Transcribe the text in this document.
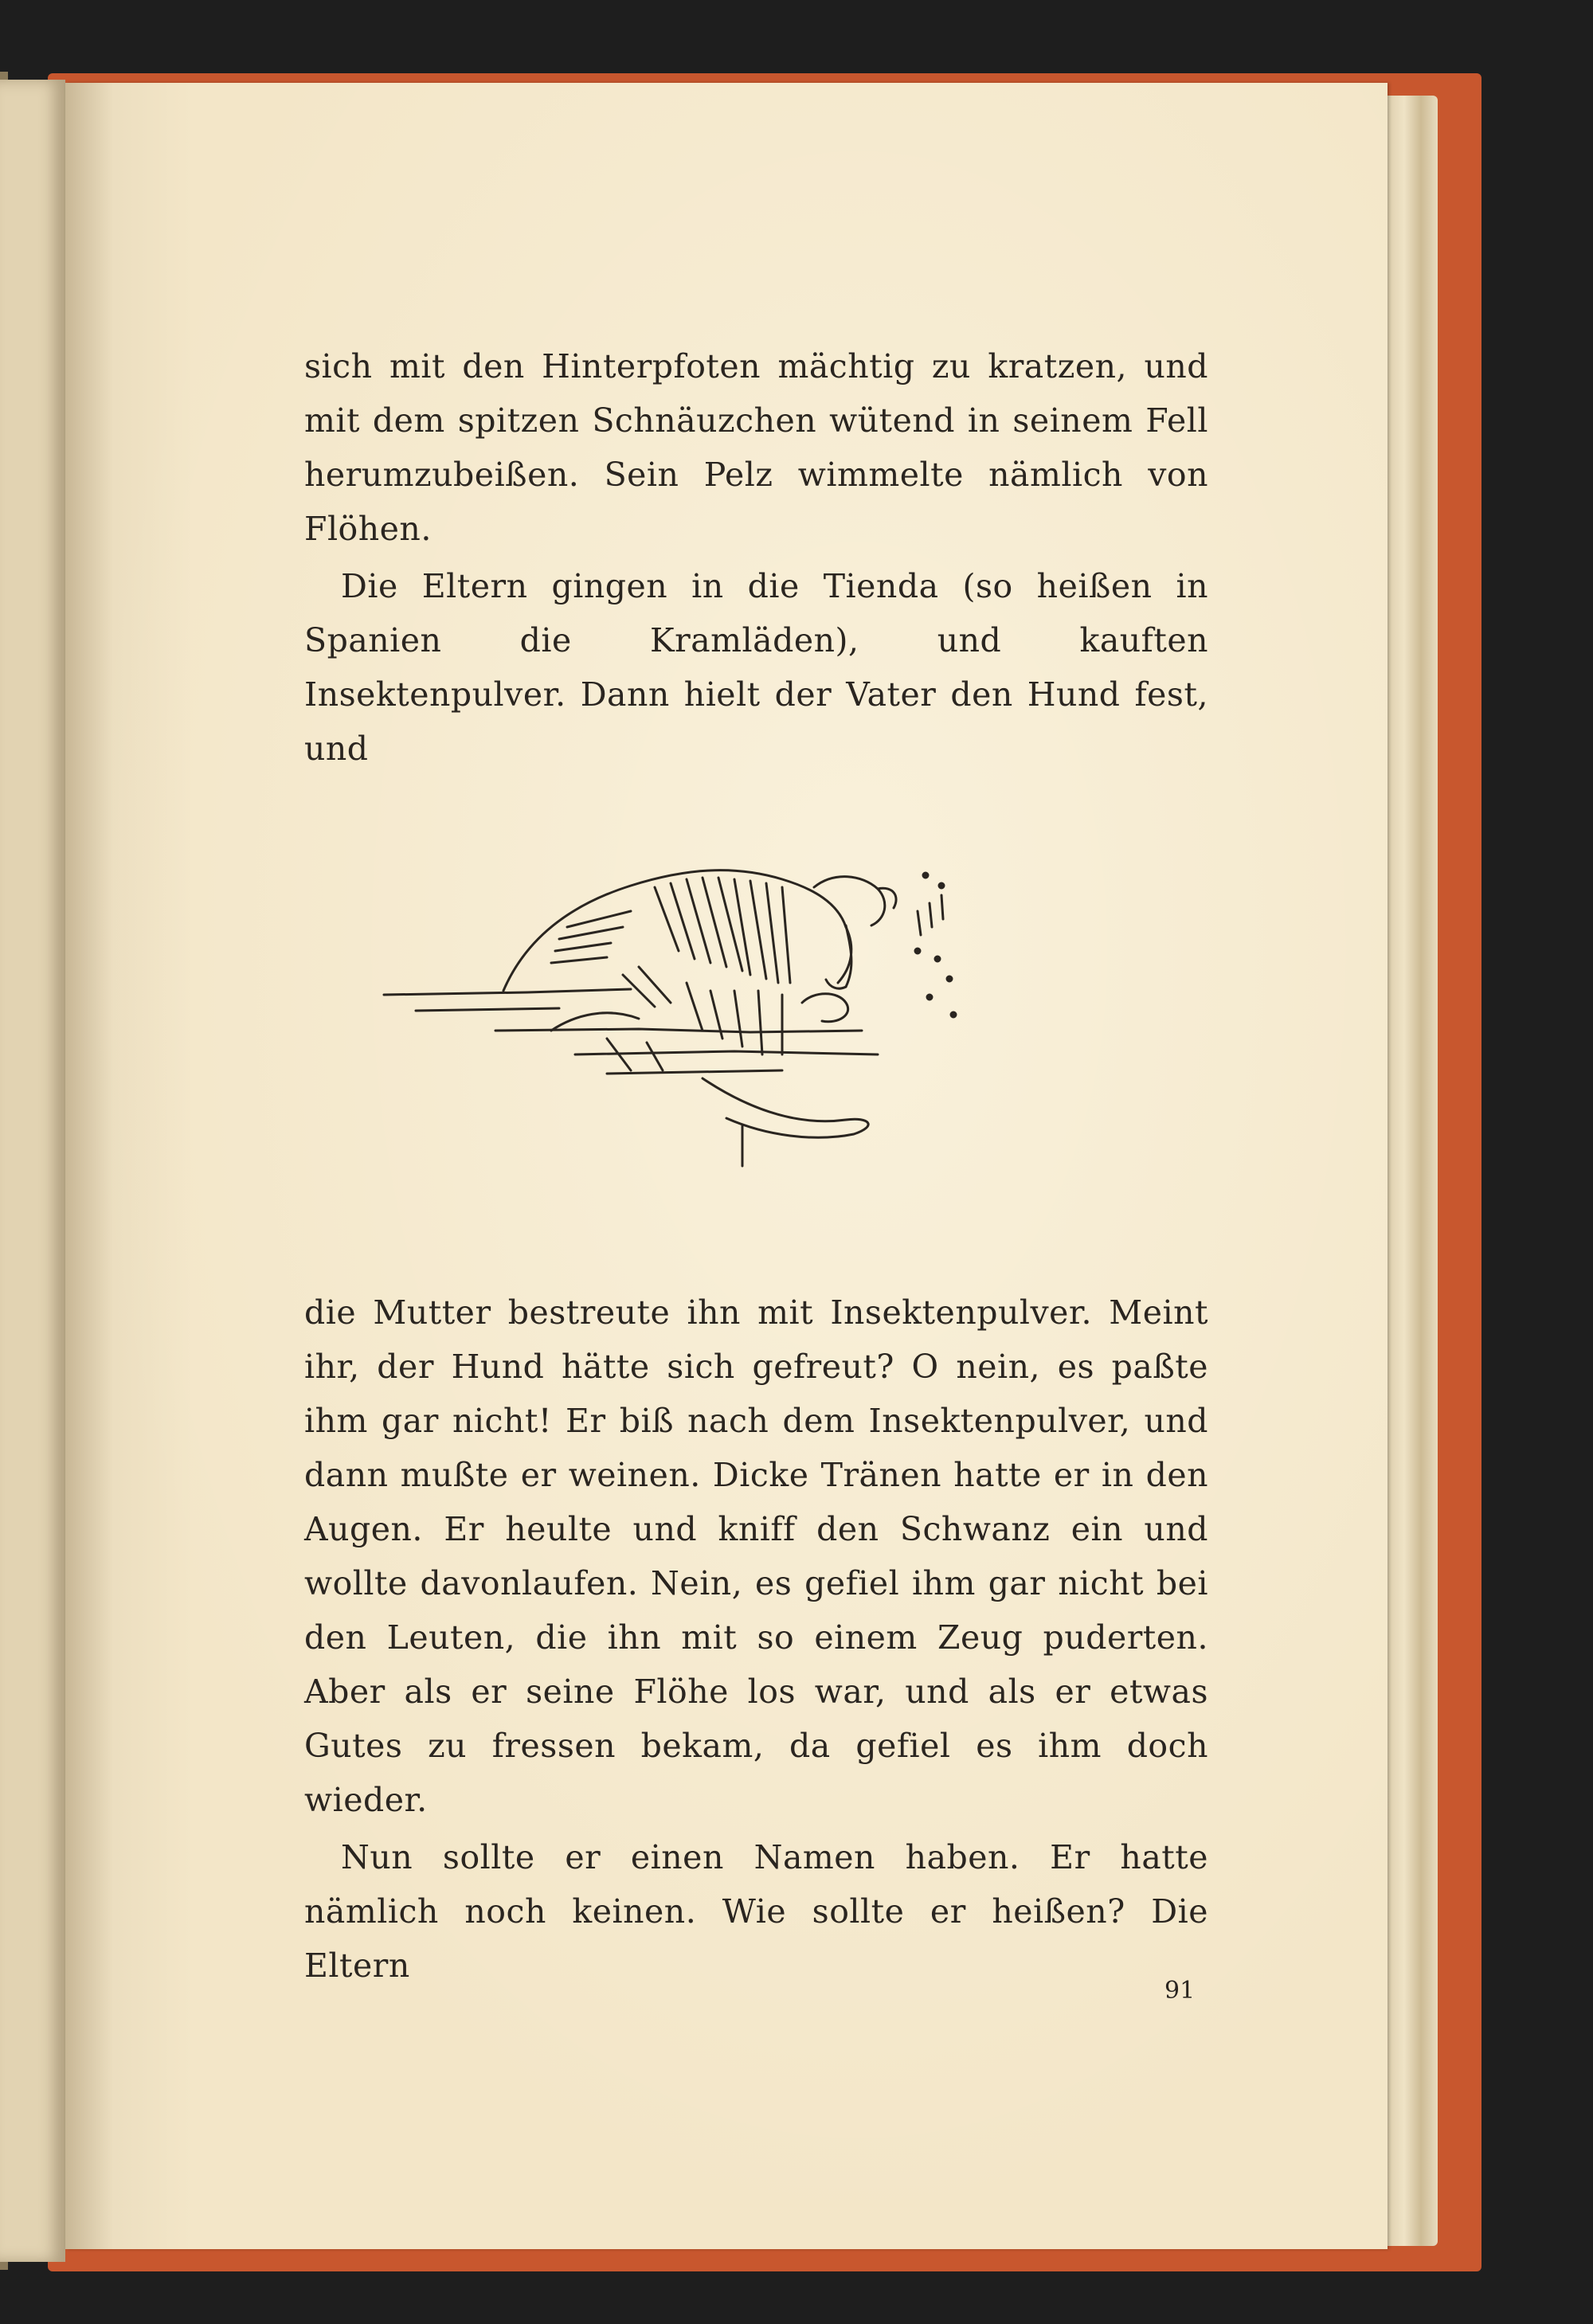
sich mit den Hinterpfoten mächtig zu kratzen, und mit dem spitzen Schnäuzchen wütend in seinem Fell herumzubeißen. Sein Pelz wimmelte nämlich von Flöhen.

Die Eltern gingen in die Tienda (so heißen in Spanien die Kramläden), und kauften Insektenpulver. Dann hielt der Vater den Hund fest, und

die Mutter bestreute ihn mit Insektenpulver. Meint ihr, der Hund hätte sich gefreut? O nein, es paßte ihm gar nicht! Er biß nach dem Insektenpulver, und dann mußte er weinen. Dicke Tränen hatte er in den Augen. Er heulte und kniff den Schwanz ein und wollte davonlaufen. Nein, es gefiel ihm gar nicht bei den Leuten, die ihn mit so einem Zeug puderten. Aber als er seine Flöhe los war, und als er etwas Gutes zu fressen bekam, da gefiel es ihm doch wieder.

Nun sollte er einen Namen haben. Er hatte nämlich noch keinen. Wie sollte er heißen? Die Eltern

91
